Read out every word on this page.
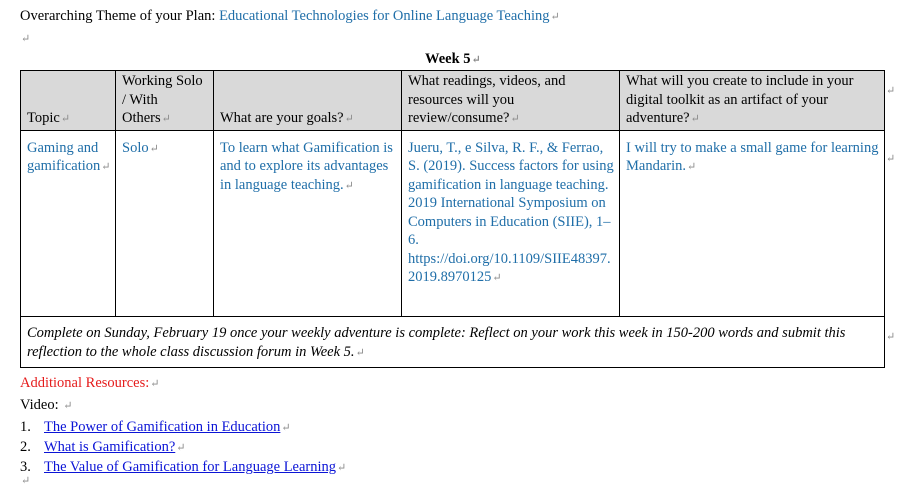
Overarching Theme of your Plan: Educational Technologies for Online Language Teaching↵
↵
Week 5↵
Topic↵	Working Solo / With Others↵	What are your goals?↵	What readings, videos, and resources will you review/consume?↵	What will you create to include in your digital toolkit as an artifact of your adventure?↵
Gaming and gamification↵	Solo↵	To learn what Gamification is and to explore its advantages in language teaching.↵	Jueru, T., e Silva, R. F., & Ferrao, S. (2019). Success factors for using gamification in language teaching. 2019 International Symposium on Computers in Education (SIIE), 1–6. https://doi.org/10.1109/SIIE48397.2019.8970125↵	I will try to make a small game for learning Mandarin.↵
Complete on Sunday, February 19 once your weekly adventure is complete: Reflect on your work this week in 150-200 words and submit this reflection to the whole class discussion forum in Week 5.↵				
↵
↵
↵
Additional Resources:↵
Video: ↵
1. The Power of Gamification in Education↵
2. What is Gamification?↵
3. The Value of Gamification for Language Learning↵
↵
